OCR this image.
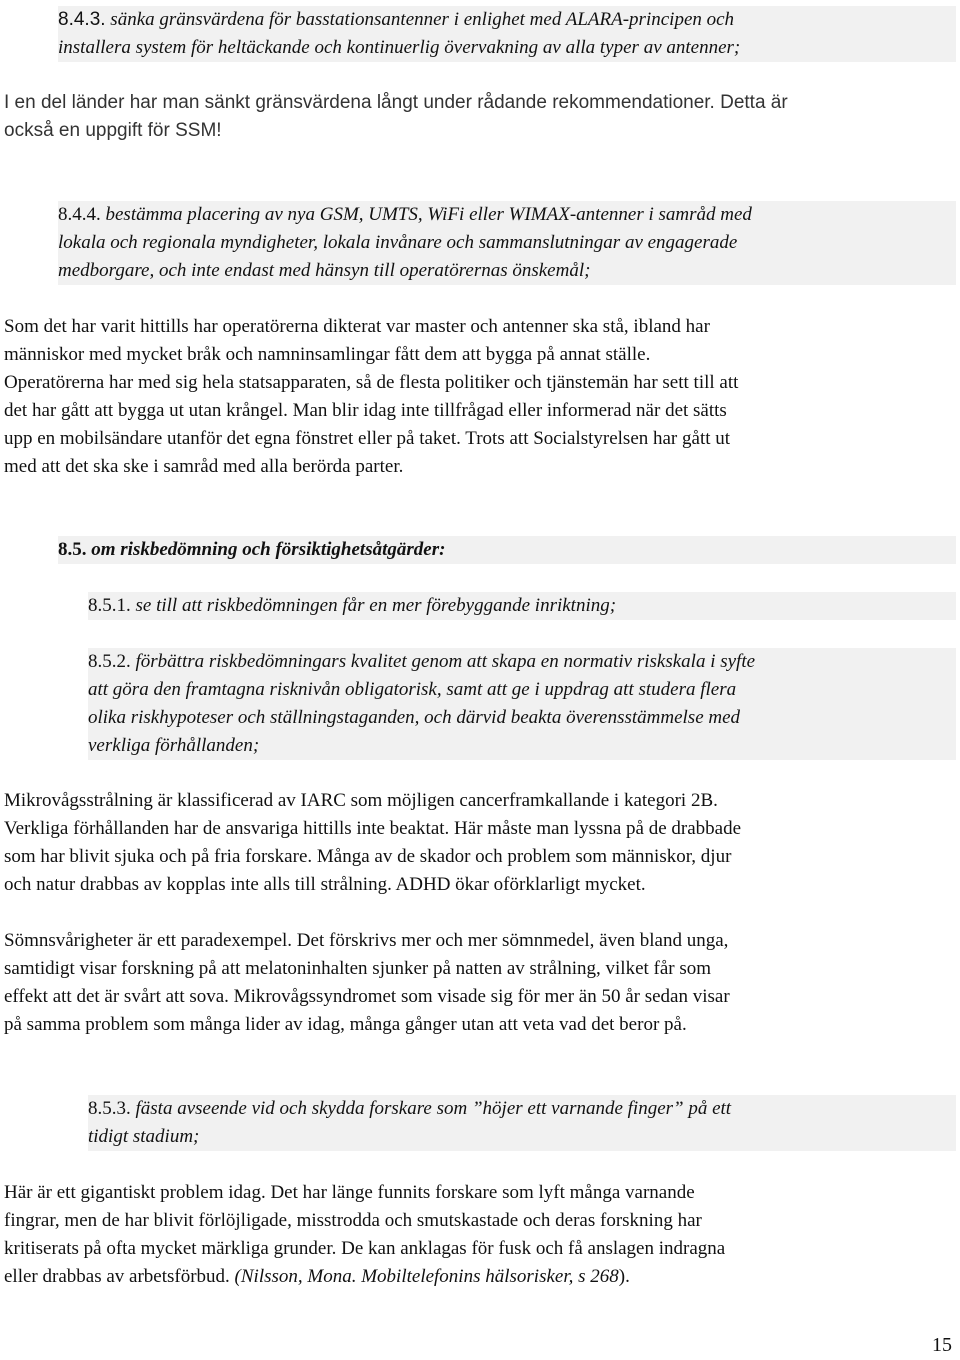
8.4.3. sänka gränsvärdena för basstationsantenner i enlighet med ALARA-principen och
installera system för heltäckande och kontinuerlig övervakning av alla typer av antenner;
I en del länder har man sänkt gränsvärdena långt under rådande rekommendationer. Detta är
också en uppgift för SSM!
8.4.4. bestämma placering av nya GSM, UMTS, WiFi eller WIMAX-antenner i samråd med
lokala och regionala myndigheter, lokala invånare och sammanslutningar av engagerade
medborgare, och inte endast med hänsyn till operatörernas önskemål;
Som det har varit hittills har operatörerna dikterat var master och antenner ska stå, ibland har
människor med mycket bråk och namninsamlingar fått dem att bygga på annat ställe.
Operatörerna har med sig hela statsapparaten, så de flesta politiker och tjänstemän har sett till att
det har gått att bygga ut utan krångel. Man blir idag inte tillfrågad eller informerad när det sätts
upp en mobilsändare utanför det egna fönstret eller på taket. Trots att Socialstyrelsen har gått ut
med att det ska ske i samråd med alla berörda parter.
8.5. om riskbedömning och försiktighetsåtgärder:
8.5.1. se till att riskbedömningen får en mer förebyggande inriktning;
8.5.2. förbättra riskbedömningars kvalitet genom att skapa en normativ riskskala i syfte
att göra den framtagna risknivån obligatorisk, samt att ge i uppdrag att studera flera
olika riskhypoteser och ställningstaganden, och därvid beakta överensstämmelse med
verkliga förhållanden;
Mikrovågsstrålning är klassificerad av IARC som möjligen cancerframkallande i kategori 2B.
Verkliga förhållanden har de ansvariga hittills inte beaktat. Här måste man lyssna på de drabbade
som har blivit sjuka och på fria forskare. Många av de skador och problem som människor, djur
och natur drabbas av kopplas inte alls till strålning. ADHD ökar oförklarligt mycket.
Sömnsvårigheter är ett paradexempel. Det förskrivs mer och mer sömnmedel, även bland unga,
samtidigt visar forskning på att melatoninhalten sjunker på natten av strålning, vilket får som
effekt att det är svårt att sova. Mikrovågssyndromet som visade sig för mer än 50 år sedan visar
på samma problem som många lider av idag, många gånger utan att veta vad det beror på.
8.5.3. fästa avseende vid och skydda forskare som ”höjer ett varnande finger” på ett
tidigt stadium;
Här är ett gigantiskt problem idag. Det har länge funnits forskare som lyft många varnande
fingrar, men de har blivit förlöjligade, misstrodda och smutskastade och deras forskning har
kritiserats på ofta mycket märkliga grunder. De kan anklagas för fusk och få anslagen indragna
eller drabbas av arbetsförbud. (Nilsson, Mona. Mobiltelefonins hälsorisker, s 268).
15
